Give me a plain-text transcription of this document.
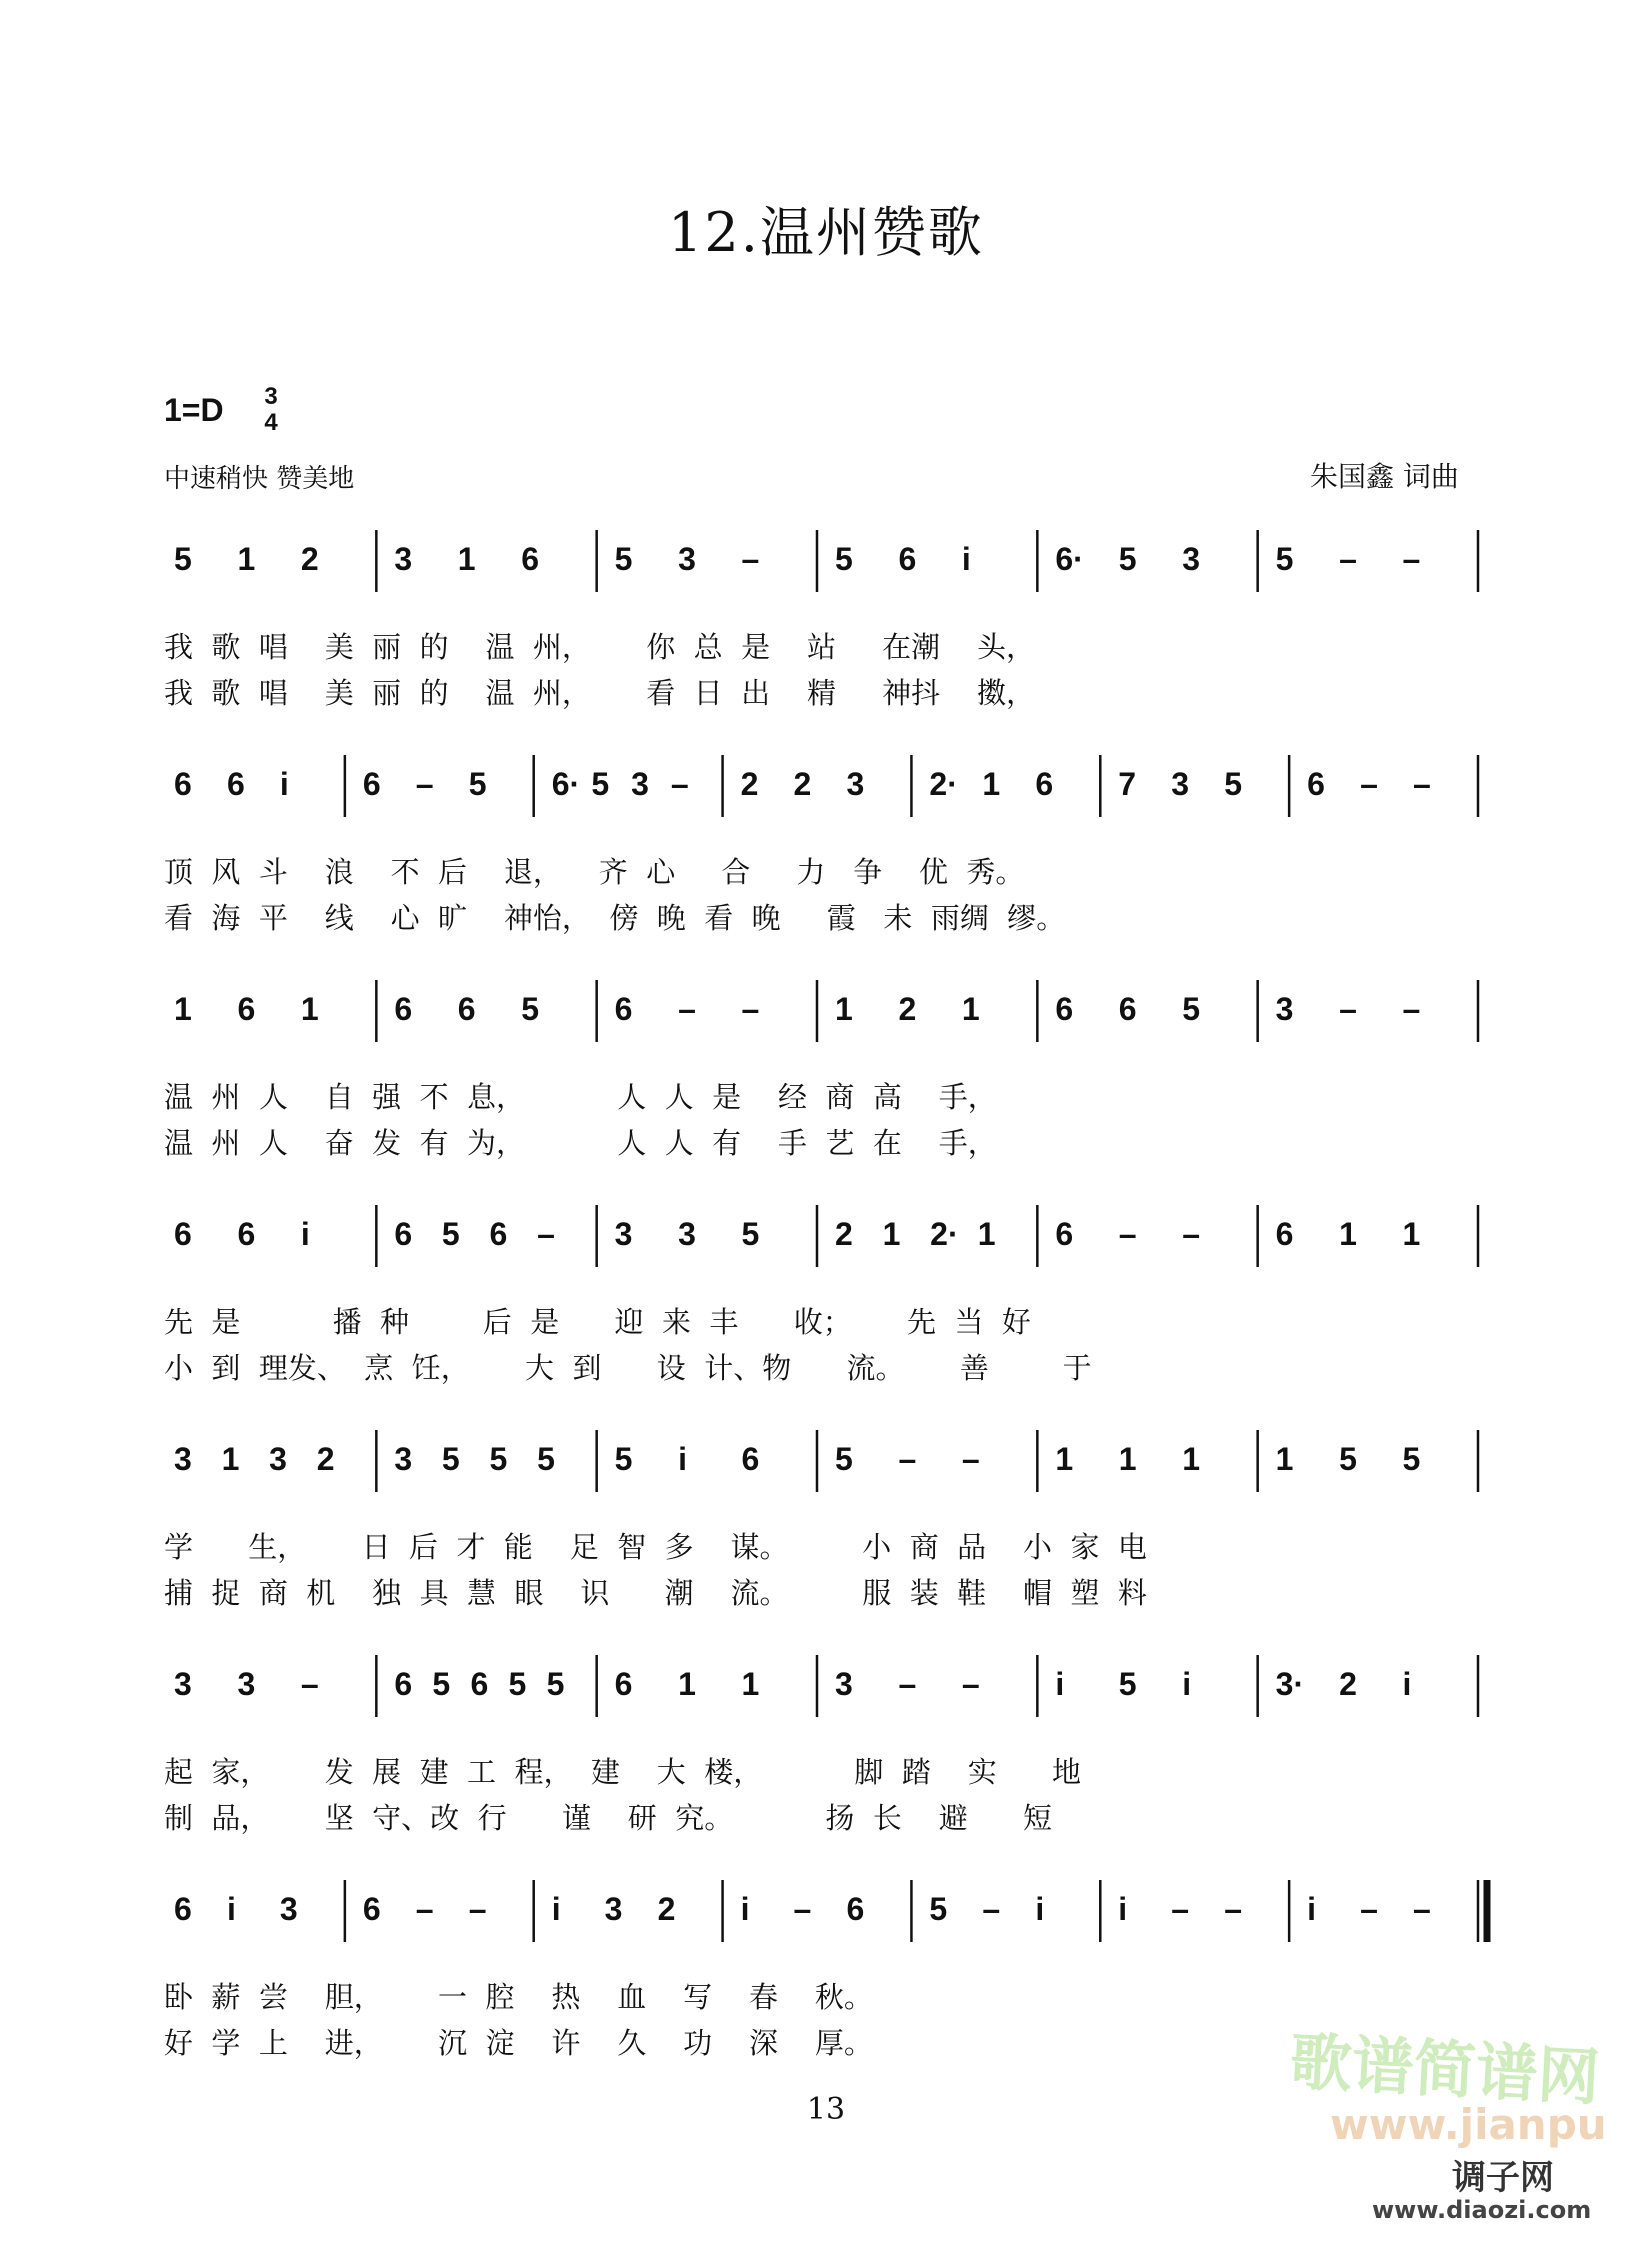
12.温州赞歌
1=D 3
4
中速稍快 赞美地	朱国鑫 词曲
5 1 2 3 1 6 5 3 – 5 6 i	6· 5 3 5 – –
我  歌  唱    美  丽  的    温  州，      你  总  是    站     在潮    头，
我  歌  唱    美  丽  的    温  州，      看  日  出    精     神抖    擞，
6 6 i 6 – 5 6· 5 3 – 2 2 3 2· 1 6 7 3 5 6 – –
顶  风  斗    浪    不  后    退，    齐  心     合     力   争    优  秀。
看  海  平    线    心  旷    神怡，  傍  晚  看  晚     霞   未  雨绸  缪。
1 6 1 6 6 5 6 – – 1 2 1 6 6 5 3 – –
温  州  人    自  强  不  息，          人  人  是    经  商  高    手，
温  州  人    奋  发  有  为，          人  人  有    手  艺  在    手，
6 6 i	6 5 6 – 3 3 5 2 1 2· 1 6 – – 6 1 1
先  是          播  种        后  是      迎  来  丰      收；      先  当  好
小  到  理发、  烹  饪，      大  到      设  计、物      流。      善        于
3 1 3 2 3 5 5 5 5 i 6 5 – – 1 1 1 1 5 5
学      生，      日  后  才  能    足  智  多    谋。        小  商  品    小  家  电
捕  捉  商  机    独  具  慧  眼    识      潮    流。        服  装  鞋    帽  塑  料
3 3 – 6 5 6 5 5 6 1 1 3 – – i 5 i	3· 2 i
起  家，      发  展  建  工  程，  建    大  楼，          脚  踏    实      地
制  品，      坚  守、改  行      谨    研  究。          扬  长    避      短
6 i 3 6 – – i 3 2 i – 6 5 – i i – – i – –
卧  薪  尝    胆，      一  腔    热    血    写    春    秋。
好  学  上    进，      沉  淀    许    久    功    深    厚。
13	歌谱简谱网
www.jianpu
调子网
www.diaozi.com
